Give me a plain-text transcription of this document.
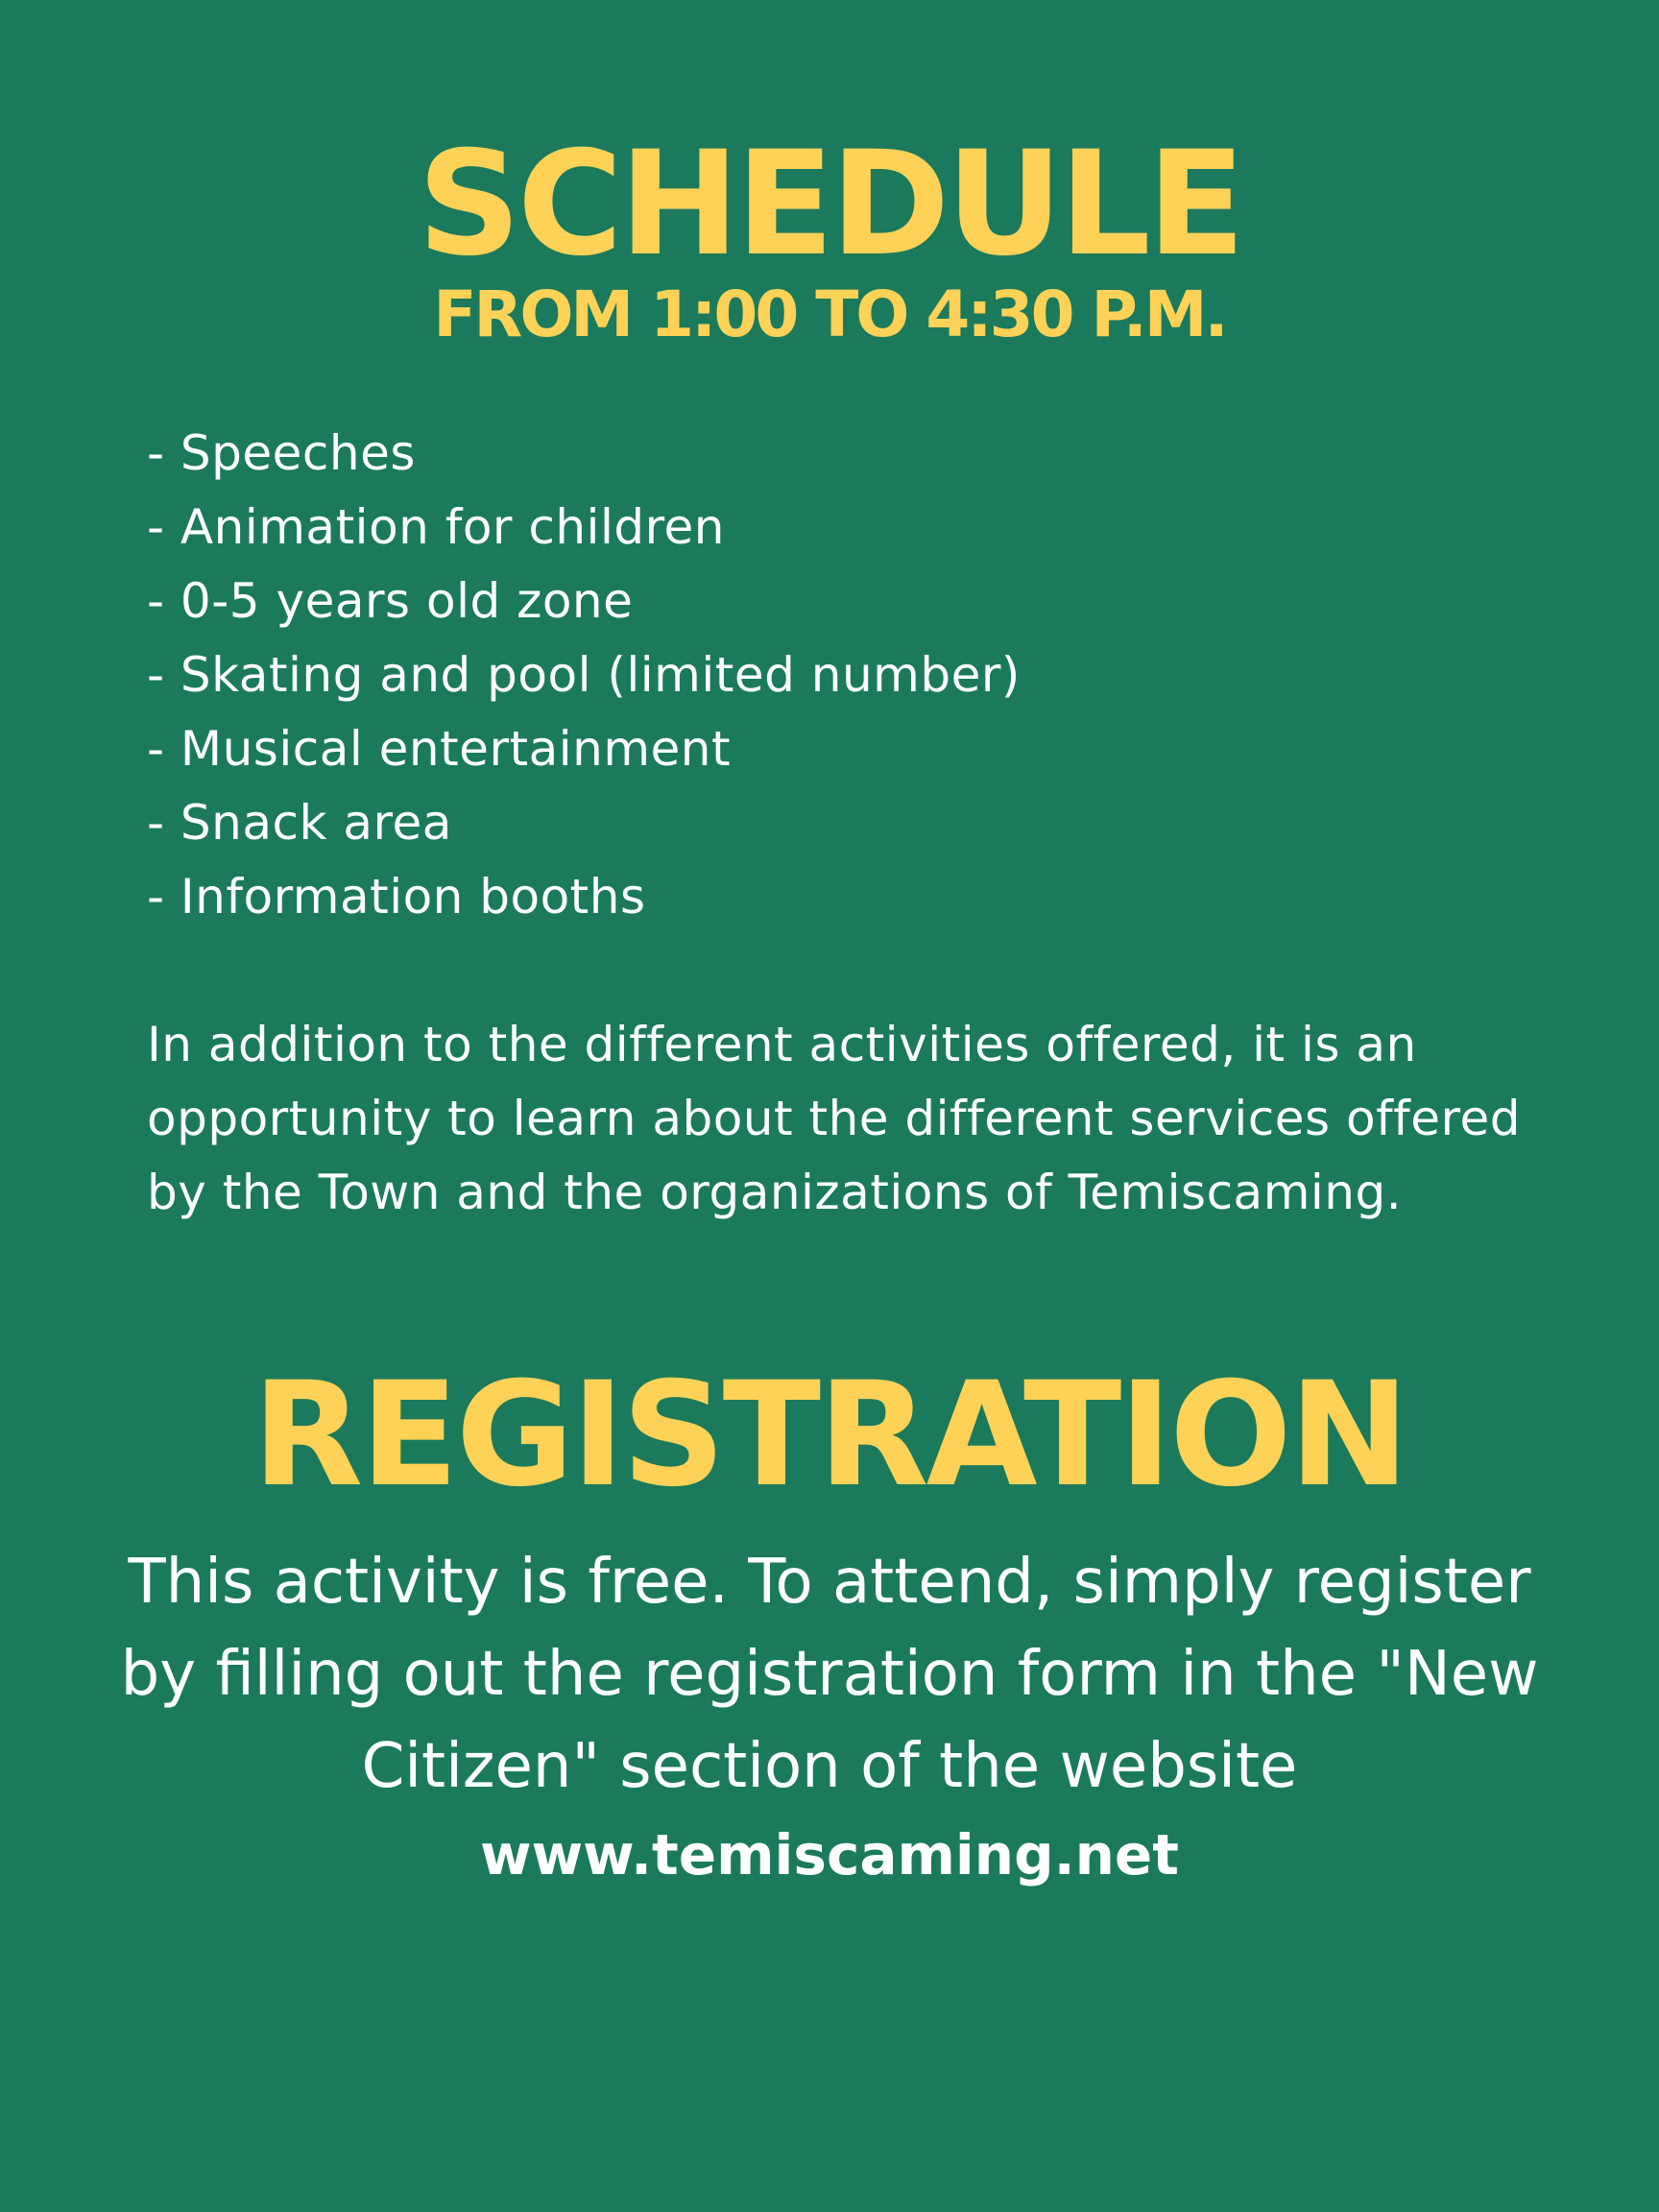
SCHEDULE
FROM 1:00 TO 4:30 P.M.
- Speeches
- Animation for children
- 0-5 years old zone
- Skating and pool (limited number)
- Musical entertainment
- Snack area
- Information booths

In addition to the different activities offered, it is an opportunity to learn about the different services offered by the Town and the organizations of Temiscaming.

REGISTRATION

This activity is free. To attend, simply register by filling out the registration form in the "New Citizen" section of the website

www.temiscaming.net
